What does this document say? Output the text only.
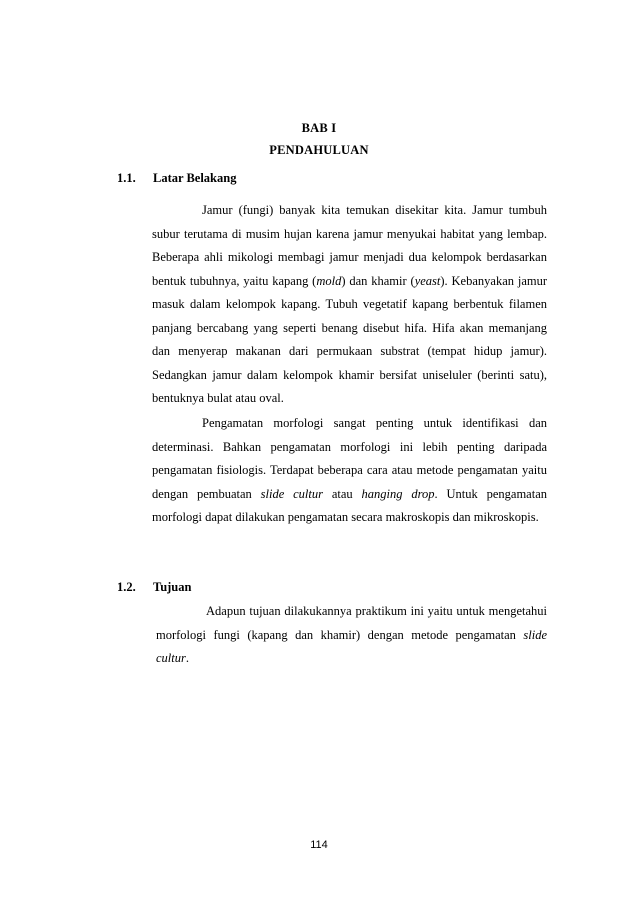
BAB I
PENDAHULUAN
1.1. Latar Belakang

Jamur (fungi) banyak kita temukan disekitar kita. Jamur tumbuh subur terutama di musim hujan karena jamur menyukai habitat yang lembap. Beberapa ahli mikologi membagi jamur menjadi dua kelompok berdasarkan bentuk tubuhnya, yaitu kapang (mold) dan khamir (yeast). Kebanyakan jamur masuk dalam kelompok kapang. Tubuh vegetatif kapang berbentuk filamen panjang bercabang yang seperti benang disebut hifa. Hifa akan memanjang dan menyerap makanan dari permukaan substrat (tempat hidup jamur). Sedangkan jamur dalam kelompok khamir bersifat uniseluler (berinti satu), bentuknya bulat atau oval.

Pengamatan morfologi sangat penting untuk identifikasi dan determinasi. Bahkan pengamatan morfologi ini lebih penting daripada pengamatan fisiologis. Terdapat beberapa cara atau metode pengamatan yaitu dengan pembuatan slide cultur atau hanging drop. Untuk pengamatan morfologi dapat dilakukan pengamatan secara makroskopis dan mikroskopis.

1.2. Tujuan

Adapun tujuan dilakukannya praktikum ini yaitu untuk mengetahui morfologi fungi (kapang dan khamir) dengan metode pengamatan slide cultur.

114
